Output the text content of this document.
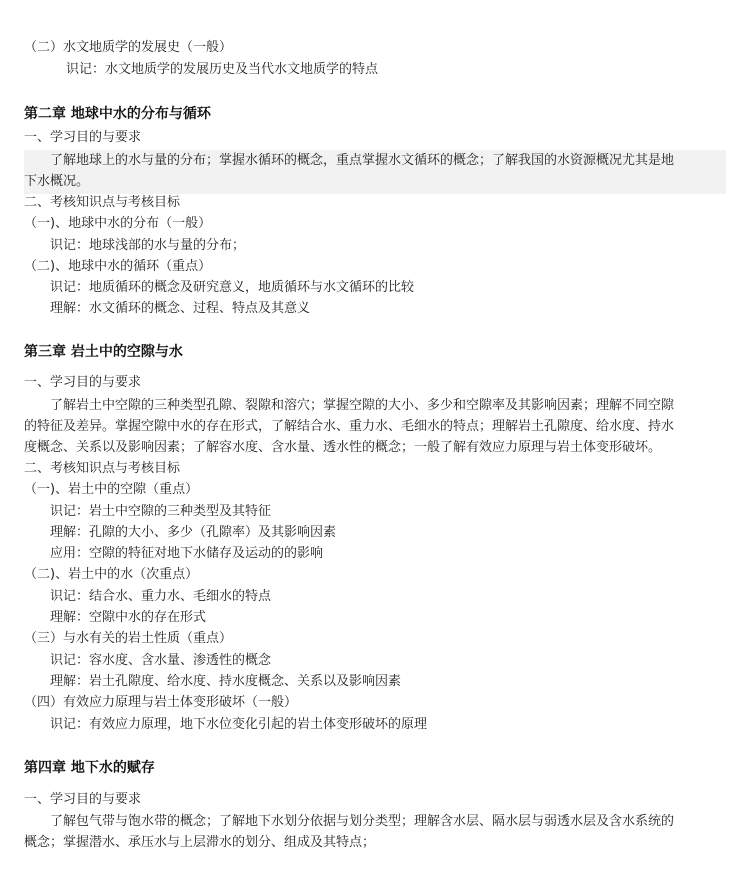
（二）水文地质学的发展史（一般）
识记：水文地质学的发展历史及当代水文地质学的特点
第二章 地球中水的分布与循环
一、学习目的与要求
了解地球上的水与量的分布；掌握水循环的概念，重点掌握水文循环的概念；了解我国的水资源概况尤其是地
下水概况。
二、考核知识点与考核目标
（一)、地球中水的分布（一般）
识记：地球浅部的水与量的分布；
（二)、地球中水的循环（重点）
识记：地质循环的概念及研究意义，地质循环与水文循环的比较
理解：水文循环的概念、过程、特点及其意义
第三章 岩土中的空隙与水
一、学习目的与要求
了解岩土中空隙的三种类型孔隙、裂隙和溶穴；掌握空隙的大小、多少和空隙率及其影响因素；理解不同空隙
的特征及差异。掌握空隙中水的存在形式，了解结合水、重力水、毛细水的特点；理解岩土孔隙度、给水度、持水
度概念、关系以及影响因素；了解容水度、含水量、透水性的概念；一般了解有效应力原理与岩土体变形破坏。
二、考核知识点与考核目标
（一)、岩土中的空隙（重点）
识记：岩土中空隙的三种类型及其特征
理解：孔隙的大小、多少（孔隙率）及其影响因素
应用：空隙的特征对地下水储存及运动的的影响
（二)、岩土中的水（次重点）
识记：结合水、重力水、毛细水的特点
理解：空隙中水的存在形式
（三）与水有关的岩土性质（重点）
识记：容水度、含水量、渗透性的概念
理解：岩土孔隙度、给水度、持水度概念、关系以及影响因素
（四）有效应力原理与岩土体变形破坏（一般）
识记：有效应力原理，地下水位变化引起的岩土体变形破坏的原理
第四章 地下水的赋存
一、学习目的与要求
了解包气带与饱水带的概念；了解地下水划分依据与划分类型；理解含水层、隔水层与弱透水层及含水系统的
概念；掌握潜水、承压水与上层滞水的划分、组成及其特点；
